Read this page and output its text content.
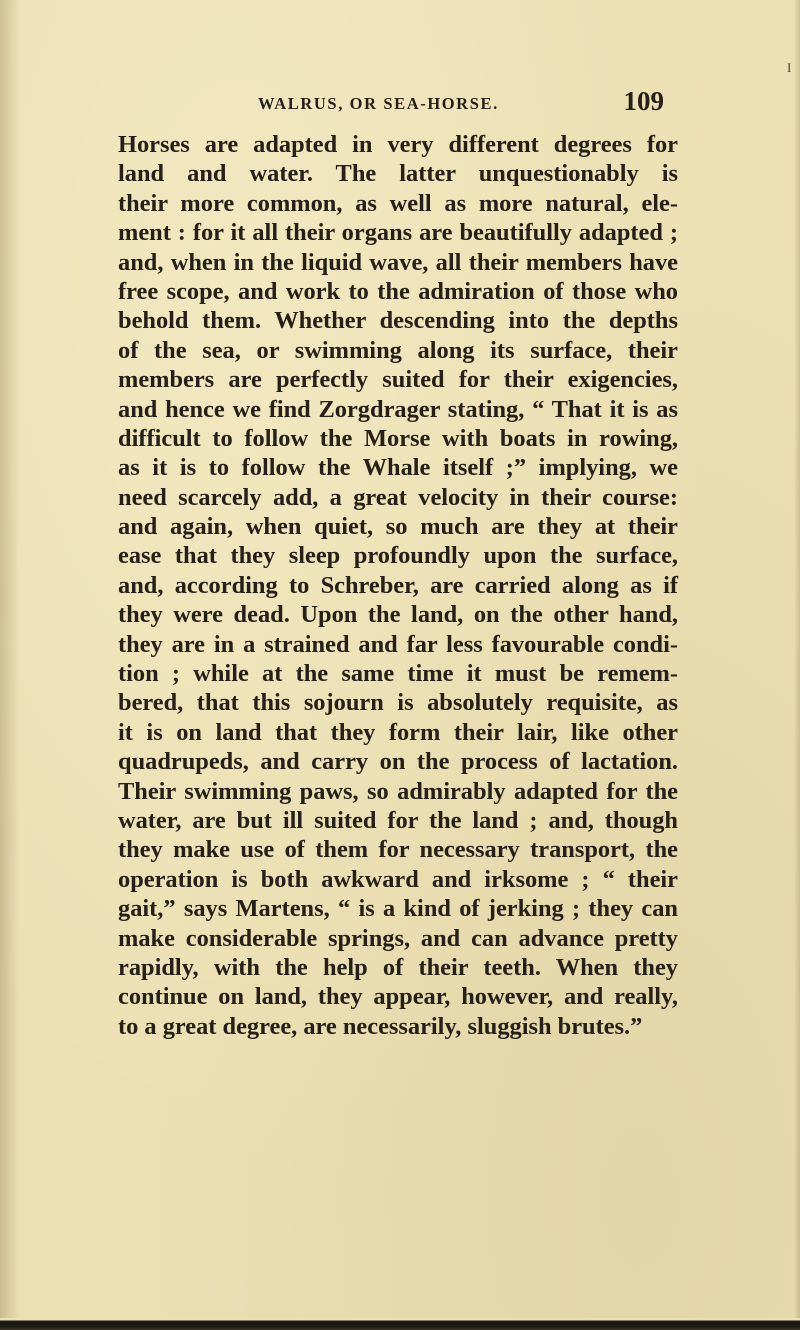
I
WALRUS, OR SEA-HORSE.	109
Horses are adapted in very different degrees for
land and water. The latter unquestionably is
their more common, as well as more natural, ele-
ment : for it all their organs are beautifully adapted ;
and, when in the liquid wave, all their members have
free scope, and work to the admiration of those who
behold them. Whether descending into the depths
of the sea, or swimming along its surface, their
members are perfectly suited for their exigencies,
and hence we find Zorgdrager stating, “ That it is as
difficult to follow the Morse with boats in rowing,
as it is to follow the Whale itself ;” implying, we
need scarcely add, a great velocity in their course:
and again, when quiet, so much are they at their
ease that they sleep profoundly upon the surface,
and, according to Schreber, are carried along as if
they were dead. Upon the land, on the other hand,
they are in a strained and far less favourable condi-
tion ; while at the same time it must be remem-
bered, that this sojourn is absolutely requisite, as
it is on land that they form their lair, like other
quadrupeds, and carry on the process of lactation.
Their swimming paws, so admirably adapted for the
water, are but ill suited for the land ; and, though
they make use of them for necessary transport, the
operation is both awkward and irksome ; “ their
gait,” says Martens, “ is a kind of jerking ; they can
make considerable springs, and can advance pretty
rapidly, with the help of their teeth. When they
continue on land, they appear, however, and really,
to a great degree, are necessarily, sluggish brutes.”
